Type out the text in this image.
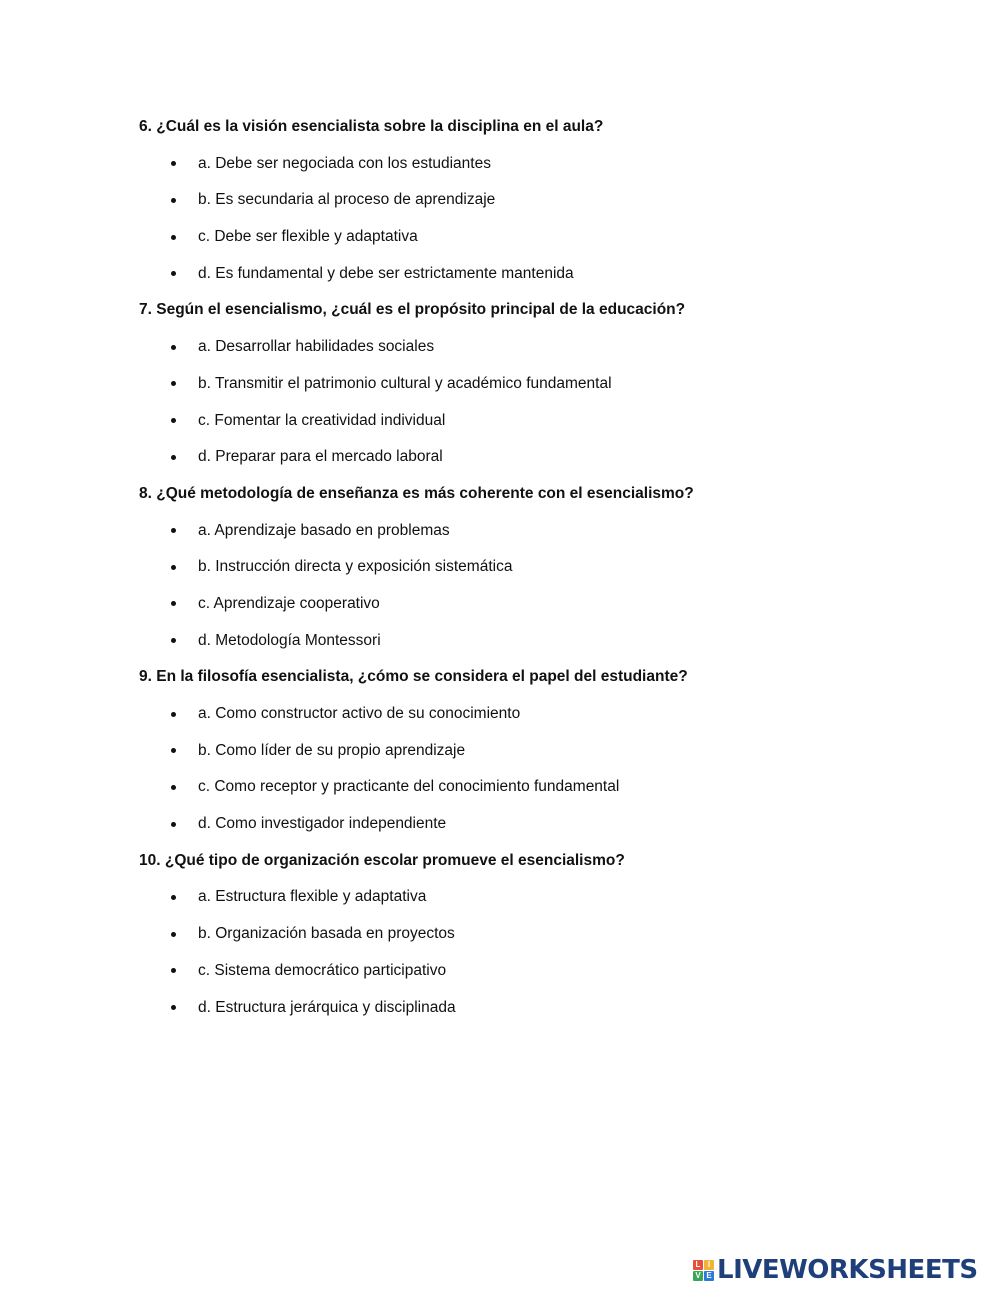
6. ¿Cuál es la visión esencialista sobre la disciplina en el aula?
a. Debe ser negociada con los estudiantes
b. Es secundaria al proceso de aprendizaje
c. Debe ser flexible y adaptativa
d. Es fundamental y debe ser estrictamente mantenida
7. Según el esencialismo, ¿cuál es el propósito principal de la educación?
a. Desarrollar habilidades sociales
b. Transmitir el patrimonio cultural y académico fundamental
c. Fomentar la creatividad individual
d. Preparar para el mercado laboral
8. ¿Qué metodología de enseñanza es más coherente con el esencialismo?
a. Aprendizaje basado en problemas
b. Instrucción directa y exposición sistemática
c. Aprendizaje cooperativo
d. Metodología Montessori
9. En la filosofía esencialista, ¿cómo se considera el papel del estudiante?
a. Como constructor activo de su conocimiento
b. Como líder de su propio aprendizaje
c. Como receptor y practicante del conocimiento fundamental
d. Como investigador independiente
10. ¿Qué tipo de organización escolar promueve el esencialismo?
a. Estructura flexible y adaptativa
b. Organización basada en proyectos
c. Sistema democrático participativo
d. Estructura jerárquica y disciplinada
L I
V E LIVEWORKSHEETS
